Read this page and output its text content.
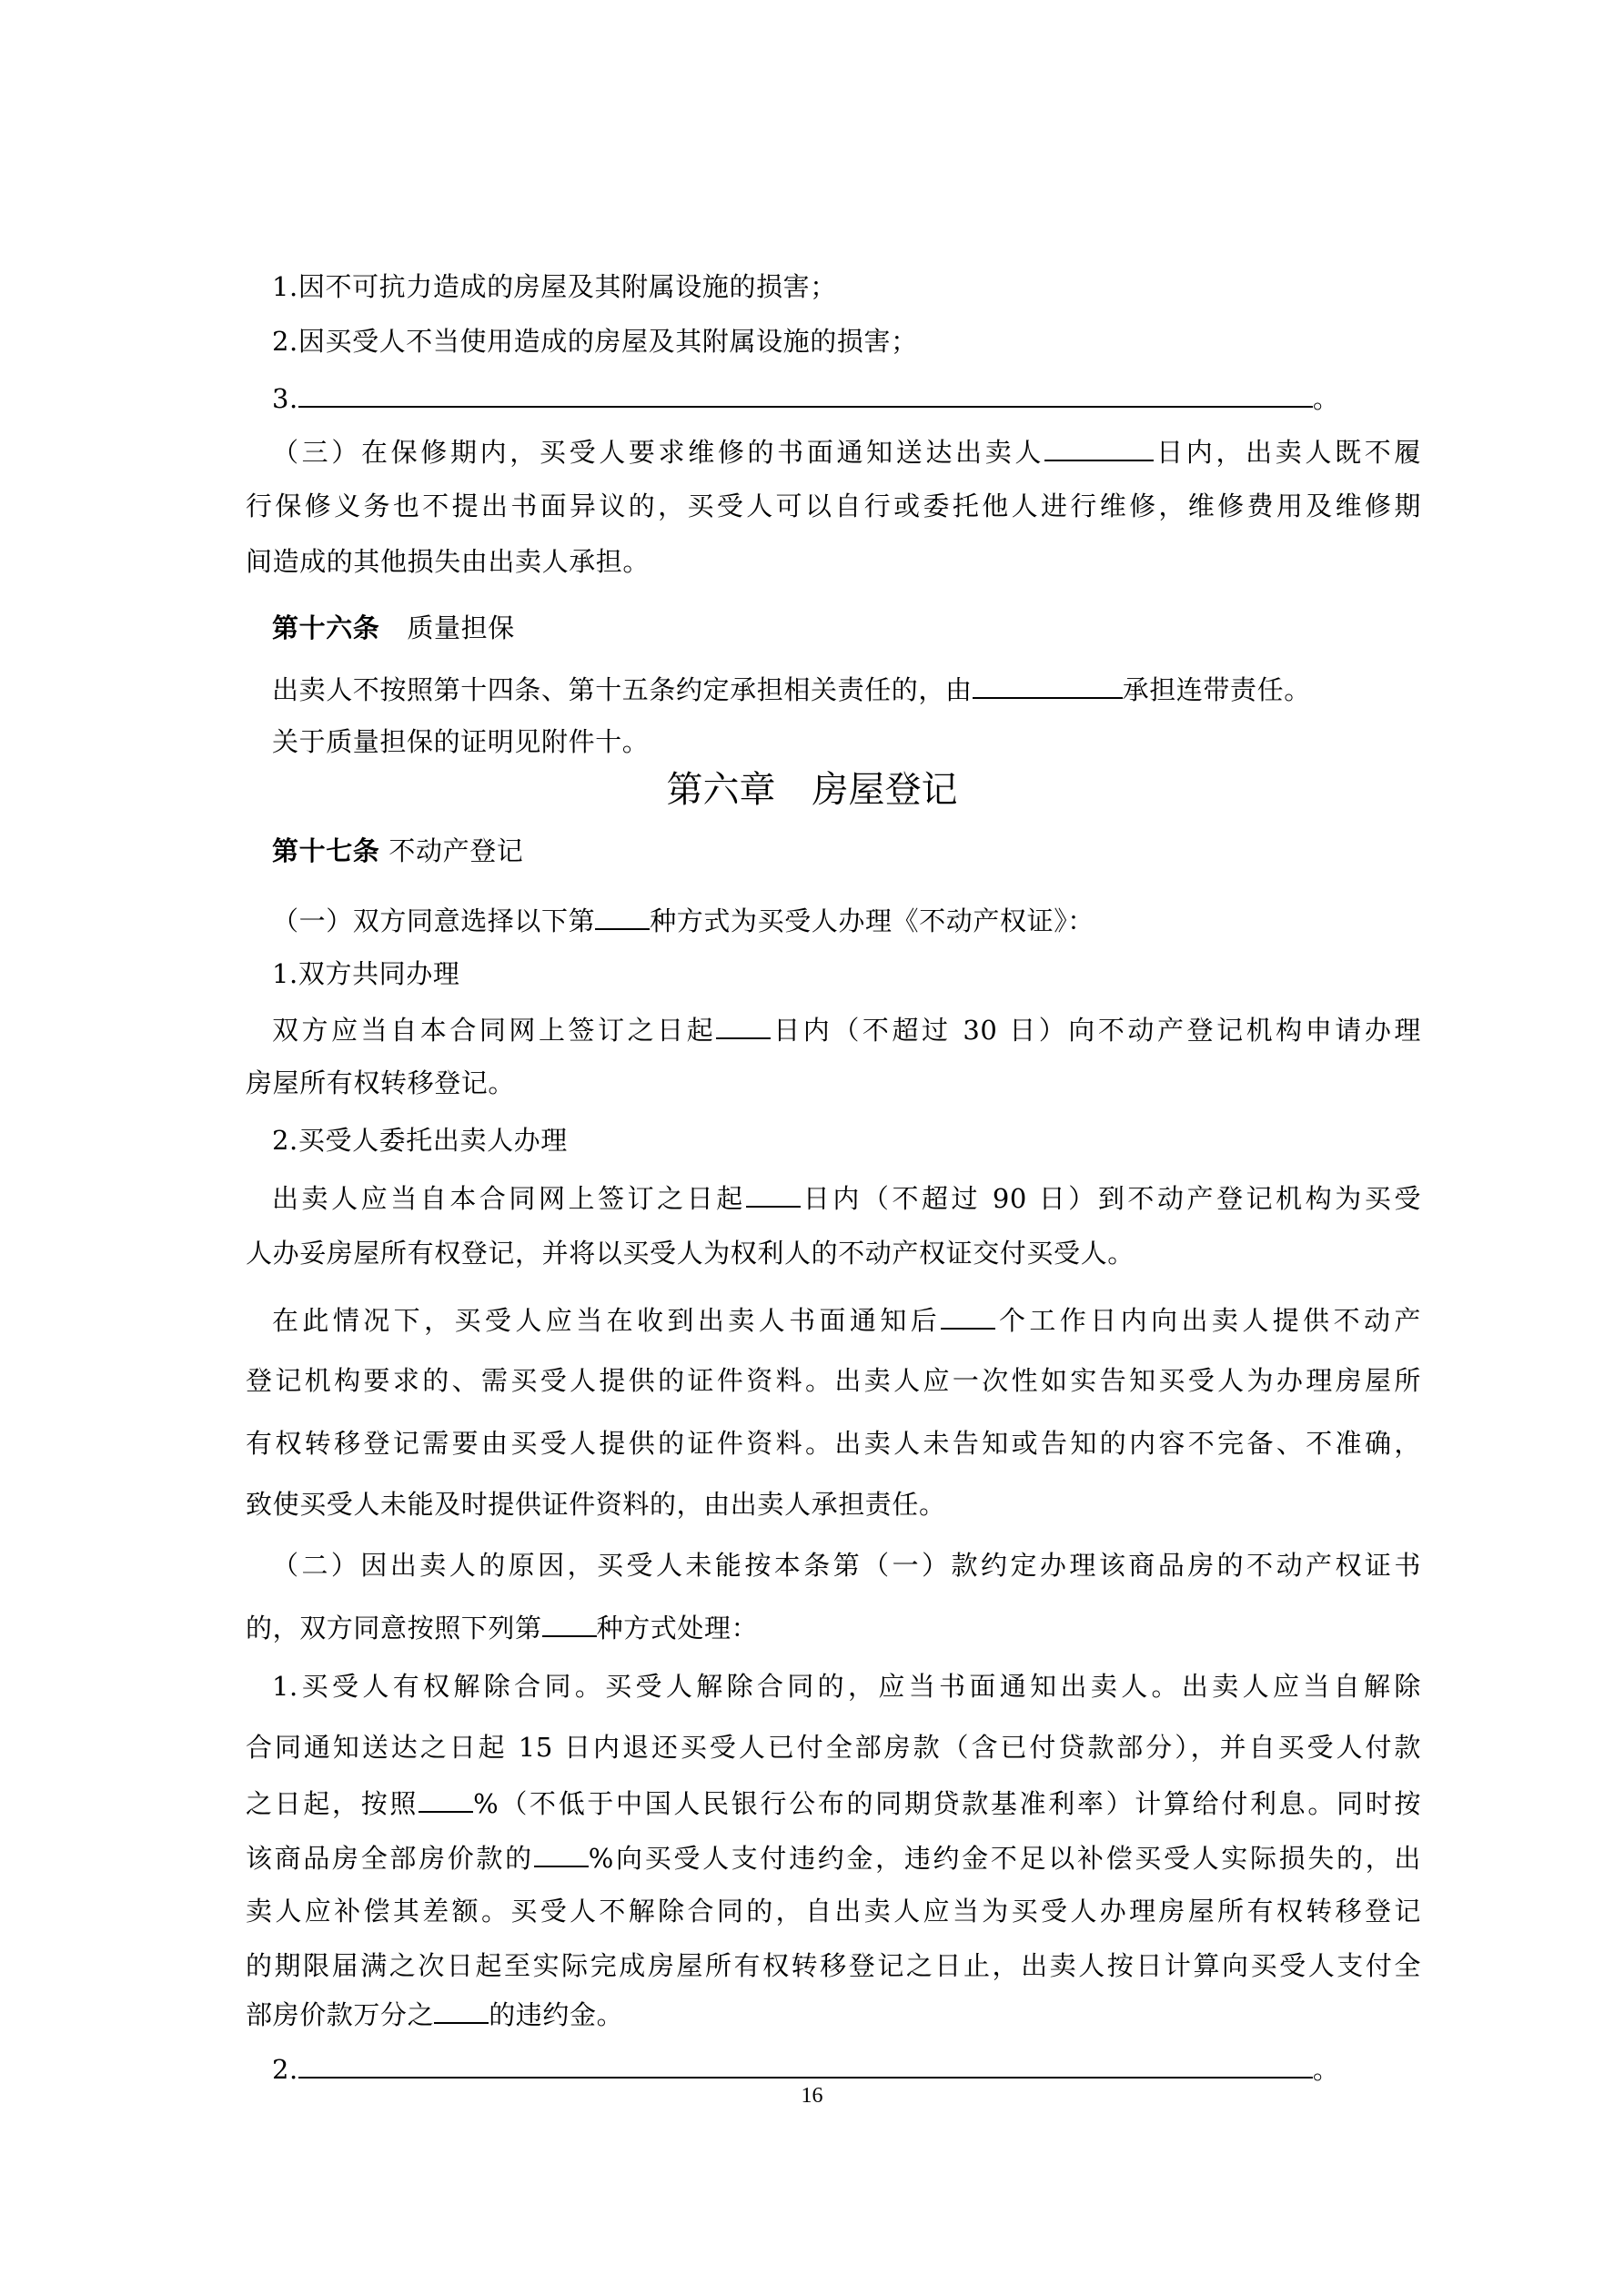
1.因不可抗力造成的房屋及其附属设施的损害；
2.因买受人不当使用造成的房屋及其附属设施的损害；
3.	。
（三）在保修期内，买受人要求维修的书面通知送达出卖人	日内，出卖人既不履
行保修义务也不提出书面异议的，买受人可以自行或委托他人进行维修，维修费用及维修期
间造成的其他损失由出卖人承担。
第十六条 质量担保
出卖人不按照第十四条、第十五条约定承担相关责任的，由	承担连带责任。
关于质量担保的证明见附件十。
第六章　房屋登记
第十七条 不动产登记
（一）双方同意选择以下第 种方式为买受人办理《不动产权证》：
1.双方共同办理
双方应当自本合同网上签订之日起 日内（不超过 30 日）向不动产登记机构申请办理
房屋所有权转移登记。
2.买受人委托出卖人办理
出卖人应当自本合同网上签订之日起 日内（不超过 90 日）到不动产登记机构为买受
人办妥房屋所有权登记，并将以买受人为权利人的不动产权证交付买受人。
在此情况下，买受人应当在收到出卖人书面通知后 个工作日内向出卖人提供不动产
登记机构要求的、需买受人提供的证件资料。出卖人应一次性如实告知买受人为办理房屋所
有权转移登记需要由买受人提供的证件资料。出卖人未告知或告知的内容不完备、不准确，
致使买受人未能及时提供证件资料的，由出卖人承担责任。
（二）因出卖人的原因，买受人未能按本条第（一）款约定办理该商品房的不动产权证书
的，双方同意按照下列第 种方式处理：
1.买受人有权解除合同。买受人解除合同的，应当书面通知出卖人。出卖人应当自解除
合同通知送达之日起 15 日内退还买受人已付全部房款（含已付贷款部分），并自买受人付款
之日起，按照 %（不低于中国人民银行公布的同期贷款基准利率）计算给付利息。同时按
该商品房全部房价款的 %向买受人支付违约金，违约金不足以补偿买受人实际损失的，出
卖人应补偿其差额。买受人不解除合同的，自出卖人应当为买受人办理房屋所有权转移登记
的期限届满之次日起至实际完成房屋所有权转移登记之日止，出卖人按日计算向买受人支付全
部房价款万分之 的违约金。
2.	。
16
